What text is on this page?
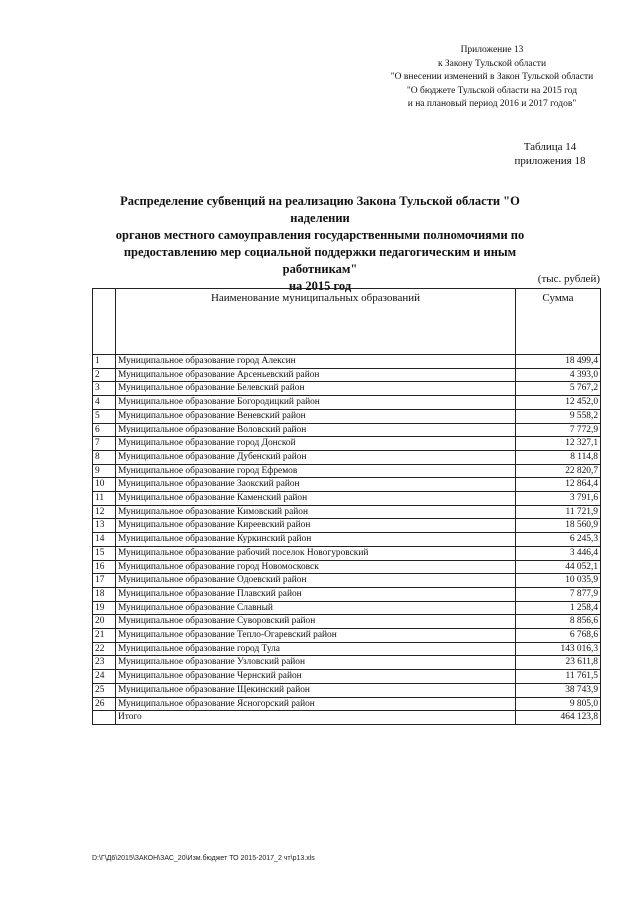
Приложение 13
к Закону Тульской области
"О внесении изменений в Закон Тульской области
"О бюджете Тульской области на 2015 год
и на плановый период 2016 и 2017 годов"
Таблица 14
приложения 18
Распределение субвенций на реализацию Закона Тульской области "О наделении
органов местного самоуправления государственными полномочиями по
предоставлению мер социальной поддержки педагогическим и иным работникам"
на 2015 год	(тыс. рублей)
	Наименование муниципальных образований	Сумма
1	Муниципальное образование город Алексин	18 499,4
2	Муниципальное образование Арсеньевский район	4 393,0
3	Муниципальное образование Белевский район	5 767,2
4	Муниципальное образование Богородицкий район	12 452,0
5	Муниципальное образование Веневский район	9 558,2
6	Муниципальное образование Воловский район	7 772,9
7	Муниципальное образование город Донской	12 327,1
8	Муниципальное образование Дубенский район	8 114,8
9	Муниципальное образование город Ефремов	22 820,7
10	Муниципальное образование Заокский район	12 864,4
11	Муниципальное образование Каменский район	3 791,6
12	Муниципальное образование Кимовский район	11 721,9
13	Муниципальное образование Киреевский район	18 560,9
14	Муниципальное образование Куркинский район	6 245,3
15	Муниципальное образование рабочий поселок Новогуровский	3 446,4
16	Муниципальное образование город Новомосковск	44 052,1
17	Муниципальное образование Одоевский район	10 035,9
18	Муниципальное образование Плавский район	7 877,9
19	Муниципальное образование Славный	1 258,4
20	Муниципальное образование Суворовский район	8 856,6
21	Муниципальное образование Тепло-Огаревский район	6 768,6
22	Муниципальное образование город Тула	143 016,3
23	Муниципальное образование Узловский район	23 611,8
24	Муниципальное образование Чернский район	11 761,5
25	Муниципальное образование Щекинский район	38 743,9
26	Муниципальное образование Ясногорский район	9 805,0
	Итого	464 123,8
D:\Г\Д6\2015\ЗАКОН\ЗАС_20\Изм.бюджет ТО 2015-2017_2 чт\р13.xls
